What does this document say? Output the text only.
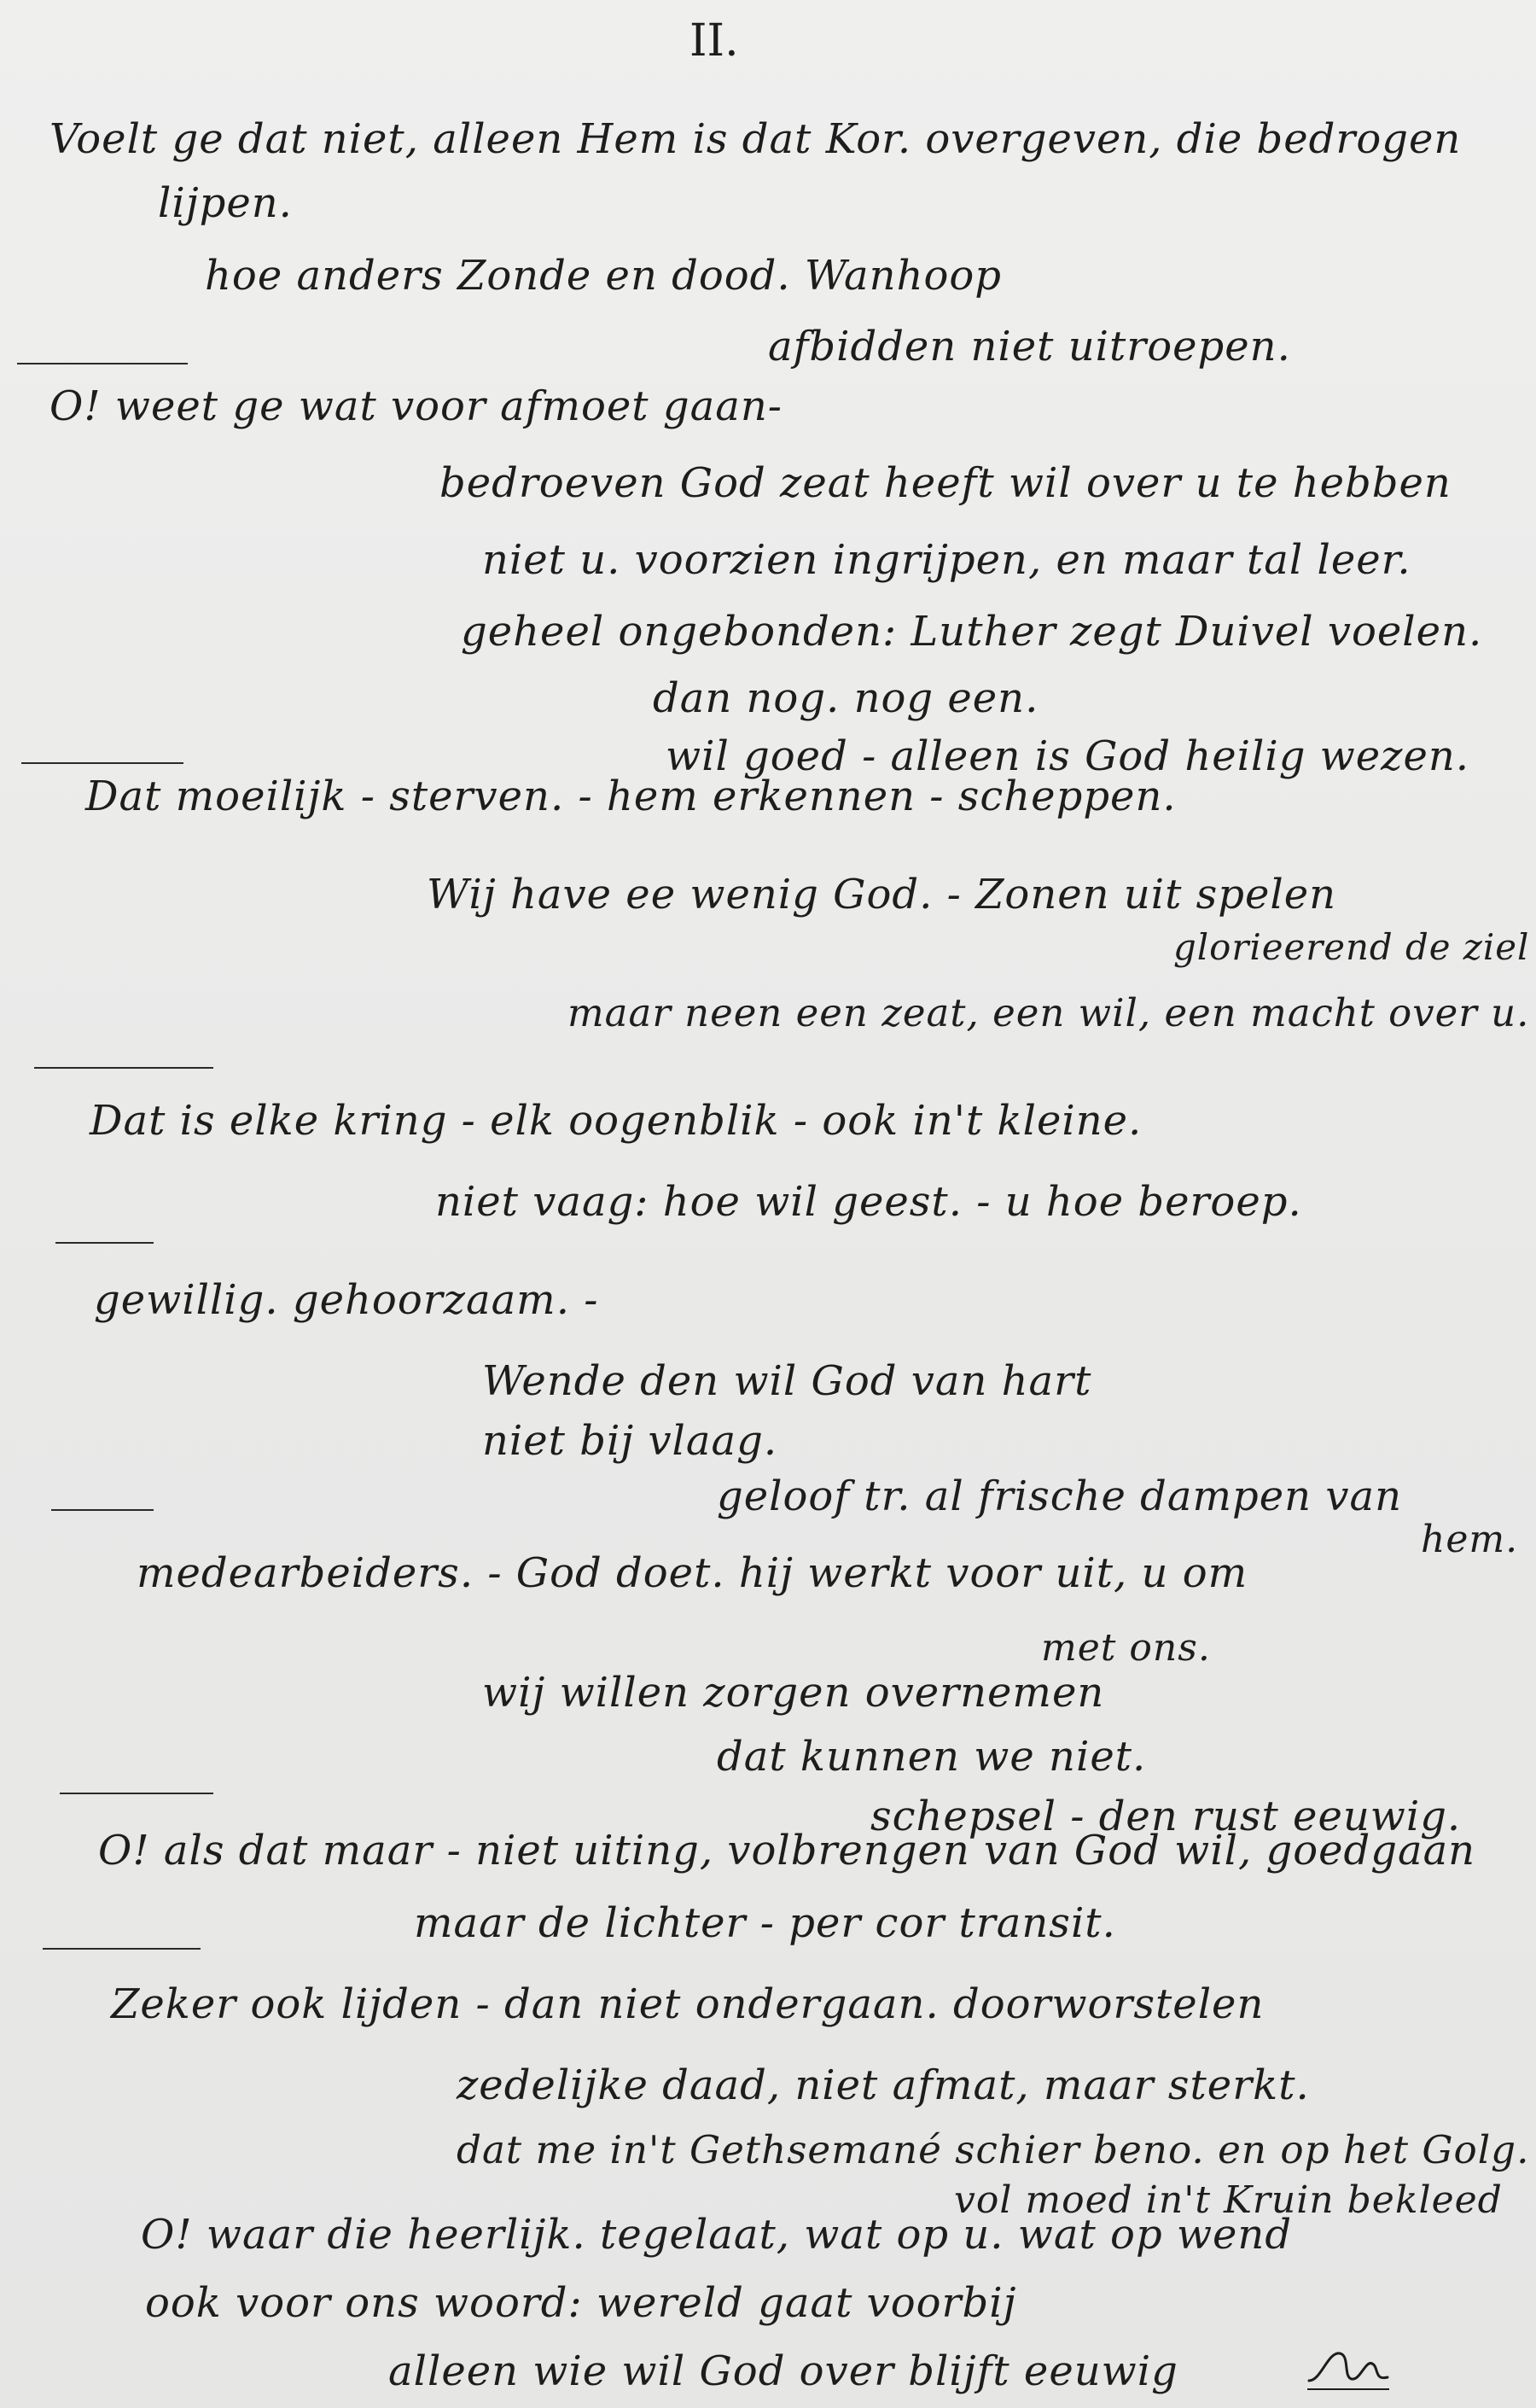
II.
Voelt ge dat niet, alleen Hem is dat Kor. overgeven, die bedrogen
lijpen.
hoe anders Zonde en dood. Wanhoop
afbidden niet uitroepen.
O! weet ge wat voor afmoet gaan-
bedroeven God zeat heeft wil over u te hebben
niet u. voorzien ingrijpen, en maar tal leer.
geheel ongebonden: Luther zegt Duivel voelen.
dan nog. nog een.
wil goed - alleen is God heilig wezen.
Dat moeilijk - sterven. - hem erkennen - scheppen.
Wij have ee wenig God. - Zonen uit spelen
glorieerend de ziel
maar neen een zeat, een wil, een macht over u.
Dat is elke kring - elk oogenblik - ook in't kleine.
niet vaag: hoe wil geest. - u hoe beroep.
gewillig. gehoorzaam. -
Wende den wil God van hart
niet bij vlaag.
geloof tr. al frische dampen van
hem.
medearbeiders. - God doet. hij werkt voor uit, u om
met ons.
wij willen zorgen overnemen
dat kunnen we niet.
schepsel - den rust eeuwig.
O! als dat maar - niet uiting, volbrengen van God wil, goedgaan
maar de lichter - per cor transit.
Zeker ook lijden - dan niet ondergaan. doorworstelen
zedelijke daad, niet afmat, maar sterkt.
dat me in't Gethsemané schier beno. en op het Golg.
vol moed in't Kruin bekleed
O! waar die heerlijk. tegelaat, wat op u. wat op wend
ook voor ons woord: wereld gaat voorbij
alleen wie wil God over blijft eeuwig
